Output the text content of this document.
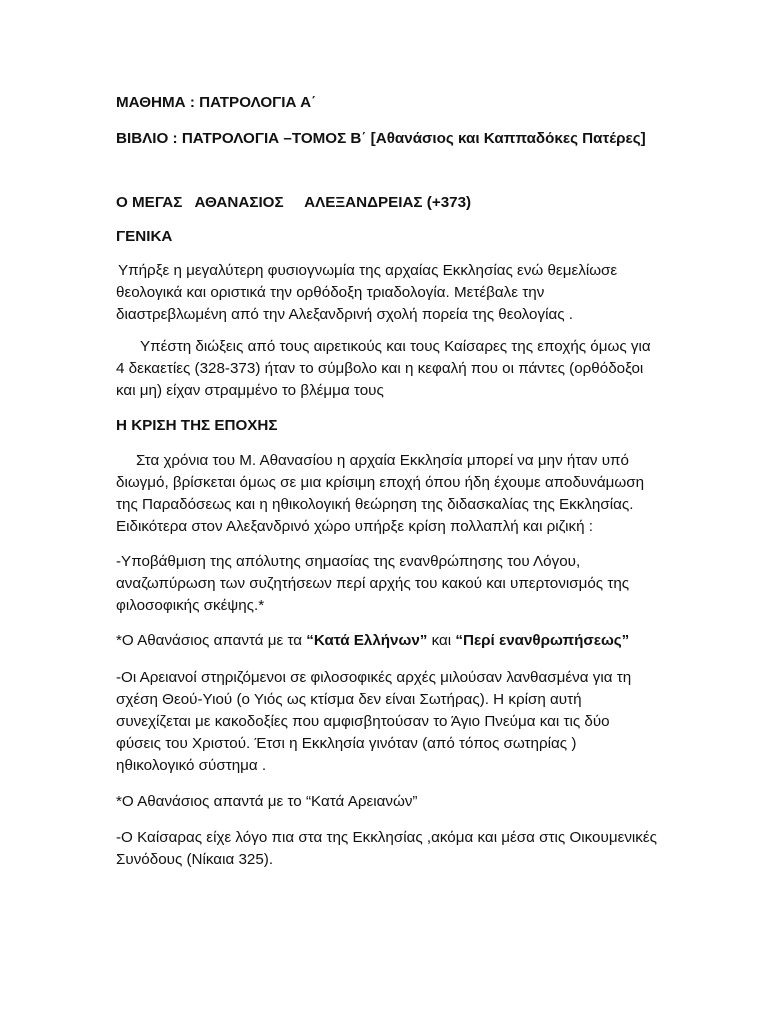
ΜΑΘΗΜΑ : ΠΑΤΡΟΛΟΓΙΑ Α΄

ΒΙΒΛΙΟ : ΠΑΤΡΟΛΟΓΙΑ –ΤΟΜΟΣ Β΄ [Αθανάσιος και Καππαδόκες Πατέρες]

Ο ΜΕΓΑΣ   ΑΘΑΝΑΣΙΟΣ     ΑΛΕΞΑΝΔΡΕΙΑΣ (+373)

ΓΕΝΙΚΑ

Υπήρξε η μεγαλύτερη φυσιογνωμία της αρχαίας Εκκλησίας ενώ θεμελίωσε θεολογικά και οριστικά την ορθόδοξη τριαδολογία. Μετέβαλε την διαστρεβλωμένη από την Αλεξανδρινή σχολή πορεία της θεολογίας .

Υπέστη διώξεις από τους αιρετικούς και τους Καίσαρες της εποχής όμως για 4 δεκαετίες (328-373) ήταν το σύμβολο και η κεφαλή που οι πάντες (ορθόδοξοι και μη) είχαν στραμμένο το βλέμμα τους

Η ΚΡΙΣΗ ΤΗΣ ΕΠΟΧΗΣ

Στα χρόνια του Μ. Αθανασίου η αρχαία Εκκλησία μπορεί να μην ήταν υπό διωγμό, βρίσκεται όμως σε μια κρίσιμη εποχή όπου ήδη έχουμε αποδυνάμωση της Παραδόσεως και η ηθικολογική θεώρηση της διδασκαλίας της Εκκλησίας. Ειδικότερα στον Αλεξανδρινό χώρο υπήρξε κρίση πολλαπλή και ριζική :

-Υποβάθμιση της απόλυτης σημασίας της ενανθρώπησης του Λόγου, αναζωπύρωση των συζητήσεων περί αρχής του κακού και υπερτονισμός της φιλοσοφικής σκέψης.*

*Ο Αθανάσιος απαντά με τα “Κατά Ελλήνων” και “Περί ενανθρωπήσεως”

-Οι Αρειανοί στηριζόμενοι σε φιλοσοφικές αρχές μιλούσαν λανθασμένα για τη σχέση Θεού-Υιού (ο Υιός ως κτίσμα δεν είναι Σωτήρας). Η κρίση αυτή συνεχίζεται με κακοδοξίες που αμφισβητούσαν το Άγιο Πνεύμα και τις δύο φύσεις του Χριστού. Έτσι η Εκκλησία γινόταν (από τόπος σωτηρίας ) ηθικολογικό σύστημα .

*Ο Αθανάσιος απαντά με το “Κατά Αρειανών”

-Ο Καίσαρας είχε λόγο πια στα της Εκκλησίας ,ακόμα και μέσα στις Οικουμενικές Συνόδους (Νίκαια 325).
